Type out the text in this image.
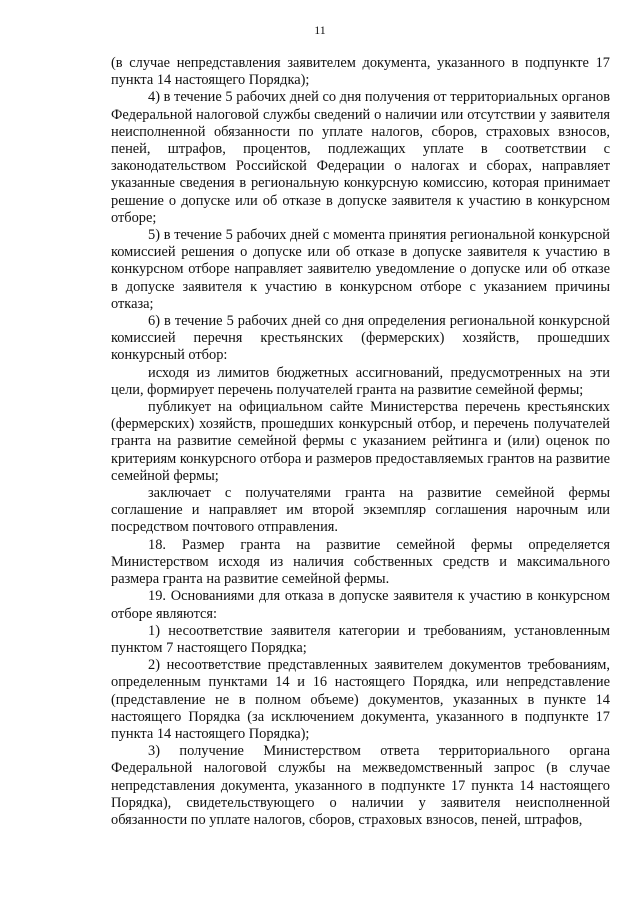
11

(в случае непредставления заявителем документа, указанного в подпункте 17 пункта 14 настоящего Порядка);

4) в течение 5 рабочих дней со дня получения от территориальных органов Федеральной налоговой службы сведений о наличии или отсутствии у заявителя неисполненной обязанности по уплате налогов, сборов, страховых взносов, пеней, штрафов, процентов, подлежащих уплате в соответствии с законодательством Российской Федерации о налогах и сборах, направляет указанные сведения в региональную конкурсную комиссию, которая принимает решение о допуске или об отказе в допуске заявителя к участию в конкурсном отборе;

5) в течение 5 рабочих дней с момента принятия региональной конкурсной комиссией решения о допуске или об отказе в допуске заявителя к участию в конкурсном отборе направляет заявителю уведомление о допуске или об отказе в допуске заявителя к участию в конкурсном отборе с указанием причины отказа;

6) в течение 5 рабочих дней со дня определения региональной конкурсной комиссией перечня крестьянских (фермерских) хозяйств, прошедших конкурсный отбор:

исходя из лимитов бюджетных ассигнований, предусмотренных на эти цели, формирует перечень получателей гранта на развитие семейной фермы;

публикует на официальном сайте Министерства перечень крестьянских (фермерских) хозяйств, прошедших конкурсный отбор, и перечень получателей гранта на развитие семейной фермы с указанием рейтинга и (или) оценок по критериям конкурсного отбора и размеров предоставляемых грантов на развитие семейной фермы;

заключает с получателями гранта на развитие семейной фермы соглашение и направляет им второй экземпляр соглашения нарочным или посредством почтового отправления.

18. Размер гранта на развитие семейной фермы определяется Министерством исходя из наличия собственных средств и максимального размера гранта на развитие семейной фермы.

19. Основаниями для отказа в допуске заявителя к участию в конкурсном отборе являются:

1) несоответствие заявителя категории и требованиям, установленным пунктом 7 настоящего Порядка;

2) несоответствие представленных заявителем документов требованиям, определенным пунктами 14 и 16 настоящего Порядка, или непредставление (представление не в полном объеме) документов, указанных в пункте 14 настоящего Порядка (за исключением документа, указанного в подпункте 17 пункта 14 настоящего Порядка);

3) получение Министерством ответа территориального органа Федеральной налоговой службы на межведомственный запрос (в случае непредставления документа, указанного в подпункте 17 пункта 14 настоящего Порядка), свидетельствующего о наличии у заявителя неисполненной обязанности по уплате налогов, сборов, страховых взносов, пеней, штрафов,
